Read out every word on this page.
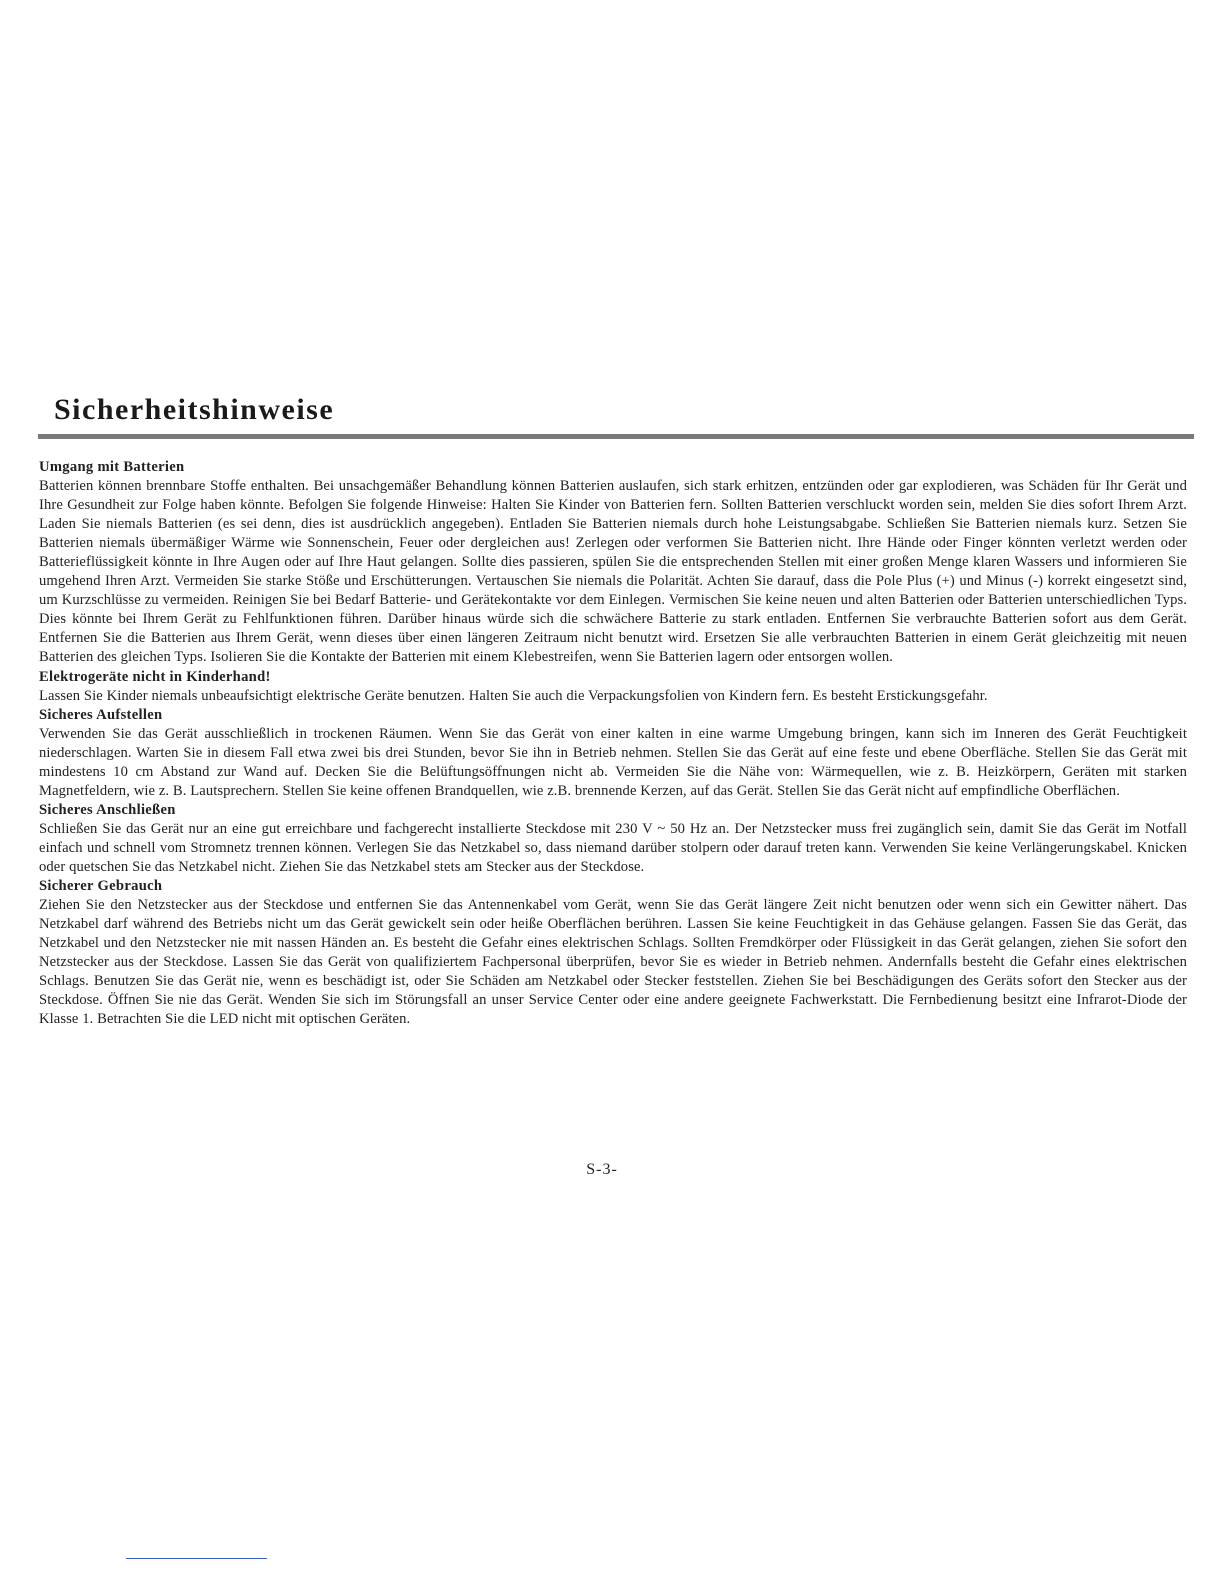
Sicherheitshinweise
Umgang mit Batterien

Batterien können brennbare Stoffe enthalten. Bei unsachgemäßer Behandlung können Batterien auslaufen, sich stark erhitzen, entzünden oder gar explodieren, was Schäden für Ihr Gerät und Ihre Gesundheit zur Folge haben könnte. Befolgen Sie folgende Hinweise: Halten Sie Kinder von Batterien fern. Sollten Batterien verschluckt worden sein, melden Sie dies sofort Ihrem Arzt. Laden Sie niemals Batterien (es sei denn, dies ist ausdrücklich angegeben). Entladen Sie Batterien niemals durch hohe Leistungsabgabe. Schließen Sie Batterien niemals kurz. Setzen Sie Batterien niemals übermäßiger Wärme wie Sonnenschein, Feuer oder dergleichen aus! Zerlegen oder verformen Sie Batterien nicht. Ihre Hände oder Finger könnten verletzt werden oder Batterieflüssigkeit könnte in Ihre Augen oder auf Ihre Haut gelangen. Sollte dies passieren, spülen Sie die entsprechenden Stellen mit einer großen Menge klaren Wassers und informieren Sie umgehend Ihren Arzt. Vermeiden Sie starke Stöße und Erschütterungen. Vertauschen Sie niemals die Polarität. Achten Sie darauf, dass die Pole Plus (+) und Minus (-) korrekt eingesetzt sind, um Kurzschlüsse zu vermeiden. Reinigen Sie bei Bedarf Batterie- und Gerätekontakte vor dem Einlegen. Vermischen Sie keine neuen und alten Batterien oder Batterien unterschiedlichen Typs. Dies könnte bei Ihrem Gerät zu Fehlfunktionen führen. Darüber hinaus würde sich die schwächere Batterie zu stark entladen. Entfernen Sie verbrauchte Batterien sofort aus dem Gerät. Entfernen Sie die Batterien aus Ihrem Gerät, wenn dieses über einen längeren Zeitraum nicht benutzt wird. Ersetzen Sie alle verbrauchten Batterien in einem Gerät gleichzeitig mit neuen Batterien des gleichen Typs. Isolieren Sie die Kontakte der Batterien mit einem Klebestreifen, wenn Sie Batterien lagern oder entsorgen wollen.

Elektrogeräte nicht in Kinderhand!

Lassen Sie Kinder niemals unbeaufsichtigt elektrische Geräte benutzen. Halten Sie auch die Verpackungsfolien von Kindern fern. Es besteht Erstickungsgefahr.

Sicheres Aufstellen

Verwenden Sie das Gerät ausschließlich in trockenen Räumen. Wenn Sie das Gerät von einer kalten in eine warme Umgebung bringen, kann sich im Inneren des Gerät Feuchtigkeit niederschlagen. Warten Sie in diesem Fall etwa zwei bis drei Stunden, bevor Sie ihn in Betrieb nehmen. Stellen Sie das Gerät auf eine feste und ebene Oberfläche. Stellen Sie das Gerät mit mindestens 10 cm Abstand zur Wand auf. Decken Sie die Belüftungsöffnungen nicht ab. Vermeiden Sie die Nähe von: Wärmequellen, wie z. B. Heizkörpern, Geräten mit starken Magnetfeldern, wie z. B. Lautsprechern. Stellen Sie keine offenen Brandquellen, wie z.B. brennende Kerzen, auf das Gerät. Stellen Sie das Gerät nicht auf empfindliche Oberflächen.

Sicheres Anschließen

Schließen Sie das Gerät nur an eine gut erreichbare und fachgerecht installierte Steckdose mit 230 V ~ 50 Hz an. Der Netzstecker muss frei zugänglich sein, damit Sie das Gerät im Notfall einfach und schnell vom Stromnetz trennen können. Verlegen Sie das Netzkabel so, dass niemand darüber stolpern oder darauf treten kann. Verwenden Sie keine Verlängerungskabel. Knicken oder quetschen Sie das Netzkabel nicht. Ziehen Sie das Netzkabel stets am Stecker aus der Steckdose.

Sicherer Gebrauch

Ziehen Sie den Netzstecker aus der Steckdose und entfernen Sie das Antennenkabel vom Gerät, wenn Sie das Gerät längere Zeit nicht benutzen oder wenn sich ein Gewitter nähert. Das Netzkabel darf während des Betriebs nicht um das Gerät gewickelt sein oder heiße Oberflächen berühren. Lassen Sie keine Feuchtigkeit in das Gehäuse gelangen. Fassen Sie das Gerät, das Netzkabel und den Netzstecker nie mit nassen Händen an. Es besteht die Gefahr eines elektrischen Schlags. Sollten Fremdkörper oder Flüssigkeit in das Gerät gelangen, ziehen Sie sofort den Netzstecker aus der Steckdose. Lassen Sie das Gerät von qualifiziertem Fachpersonal überprüfen, bevor Sie es wieder in Betrieb nehmen. Andernfalls besteht die Gefahr eines elektrischen Schlags. Benutzen Sie das Gerät nie, wenn es beschädigt ist, oder Sie Schäden am Netzkabel oder Stecker feststellen. Ziehen Sie bei Beschädigungen des Geräts sofort den Stecker aus der Steckdose. Öffnen Sie nie das Gerät. Wenden Sie sich im Störungsfall an unser Service Center oder eine andere geeignete Fachwerkstatt. Die Fernbedienung besitzt eine Infrarot-Diode der Klasse 1. Betrachten Sie die LED nicht mit optischen Geräten.

S-3-
